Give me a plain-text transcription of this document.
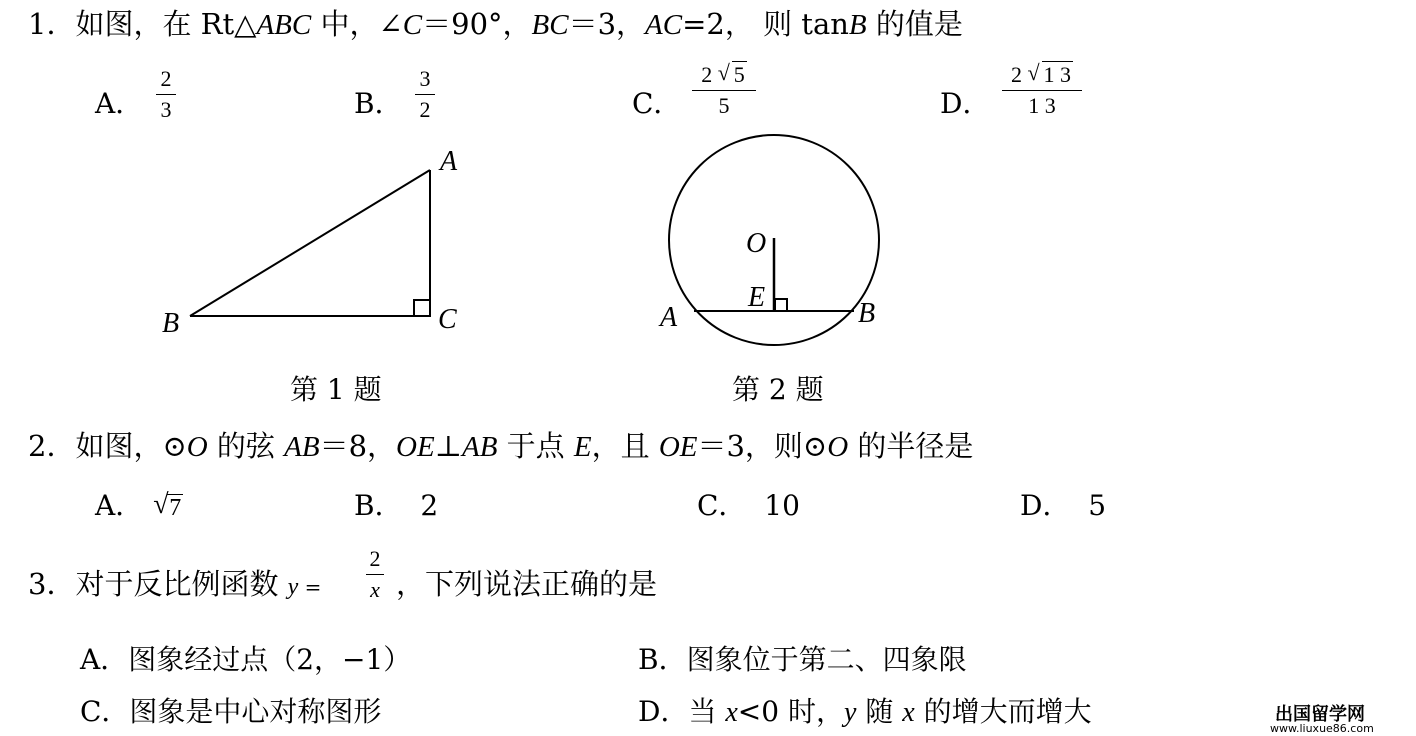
1．如图，在 Rt△ABC 中，∠C＝90°，BC＝3，AC=2， 则 tanB 的值是
A．
2
3	B．
3
2	C．
2 √ 5
5	D．
2 √ 1 3
1 3
A
B	C
第 1 题
O
E
A	B
第 2 题
2．如图，⊙O 的弦 AB＝8，OE⊥AB 于点 E，且 OE＝3，则⊙O 的半径是
A． √ 7	B． 2	C． 10	D． 5
3．对于反比例函数 y =
2
x ，下列说法正确的是
A．图象经过点（2，−1）	B．图象位于第二、四象限
C．图象是中心对称图形	D．当 x<0 时，y 随 x 的增大而增大	出国留学网
www.liuxue86.com
